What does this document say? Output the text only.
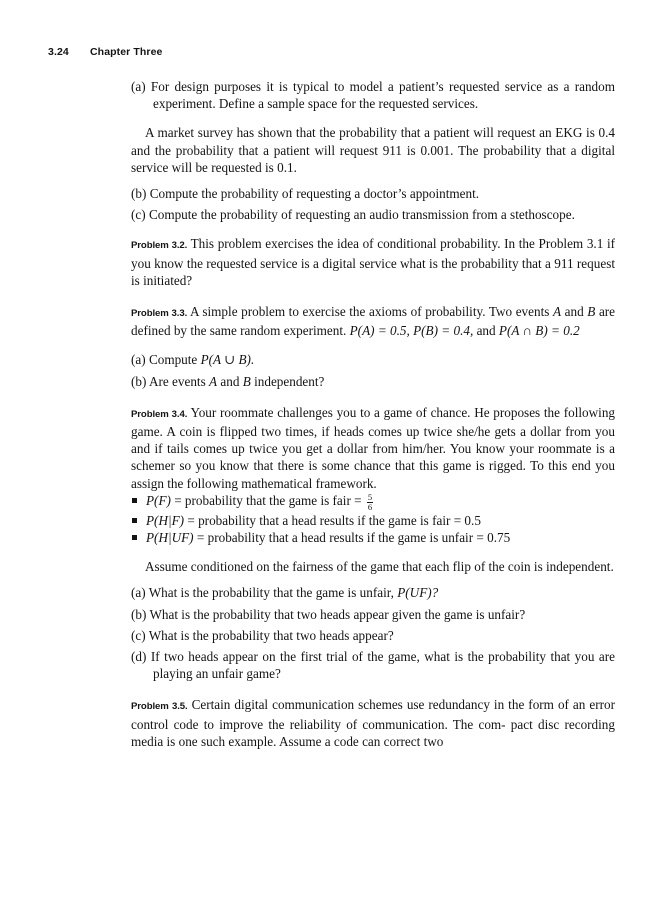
3.24 Chapter Three

(a) For design purposes it is typical to model a patient’s requested service as a random experiment. Define a sample space for the requested services.

A market survey has shown that the probability that a patient will request an EKG is 0.4 and the probability that a patient will request 911 is 0.001. The probability that a digital service will be requested is 0.1.

(b) Compute the probability of requesting a doctor’s appointment.

(c) Compute the probability of requesting an audio transmission from a stethoscope.

Problem 3.2. This problem exercises the idea of conditional probability. In the Problem 3.1 if you know the requested service is a digital service what is the probability that a 911 request is initiated?

Problem 3.3. A simple problem to exercise the axioms of probability. Two events A and B are defined by the same random experiment. P(A) = 0.5, P(B) = 0.4, and P(A ∩ B) = 0.2

(a) Compute P(A ∪ B).

(b) Are events A and B independent?

Problem 3.4. Your roommate challenges you to a game of chance. He proposes the following game. A coin is flipped two times, if heads comes up twice she/he gets a dollar from you and if tails comes up twice you get a dollar from him/her. You know your roommate is a schemer so you know that there is some chance that this game is rigged. To this end you assign the following mathematical framework.

P(F) = probability that the game is fair = $\frac{5}{6}$
P(H|F) = probability that a head results if the game is fair = 0.5
P(H|UF) = probability that a head results if the game is unfair = 0.75

Assume conditioned on the fairness of the game that each flip of the coin is independent.

(a) What is the probability that the game is unfair, P(UF)?

(b) What is the probability that two heads appear given the game is unfair?

(c) What is the probability that two heads appear?

(d) If two heads appear on the first trial of the game, what is the probability that you are playing an unfair game?

Problem 3.5. Certain digital communication schemes use redundancy in the form of an error control code to improve the reliability of communication. The com- pact disc recording media is one such example. Assume a code can correct two
